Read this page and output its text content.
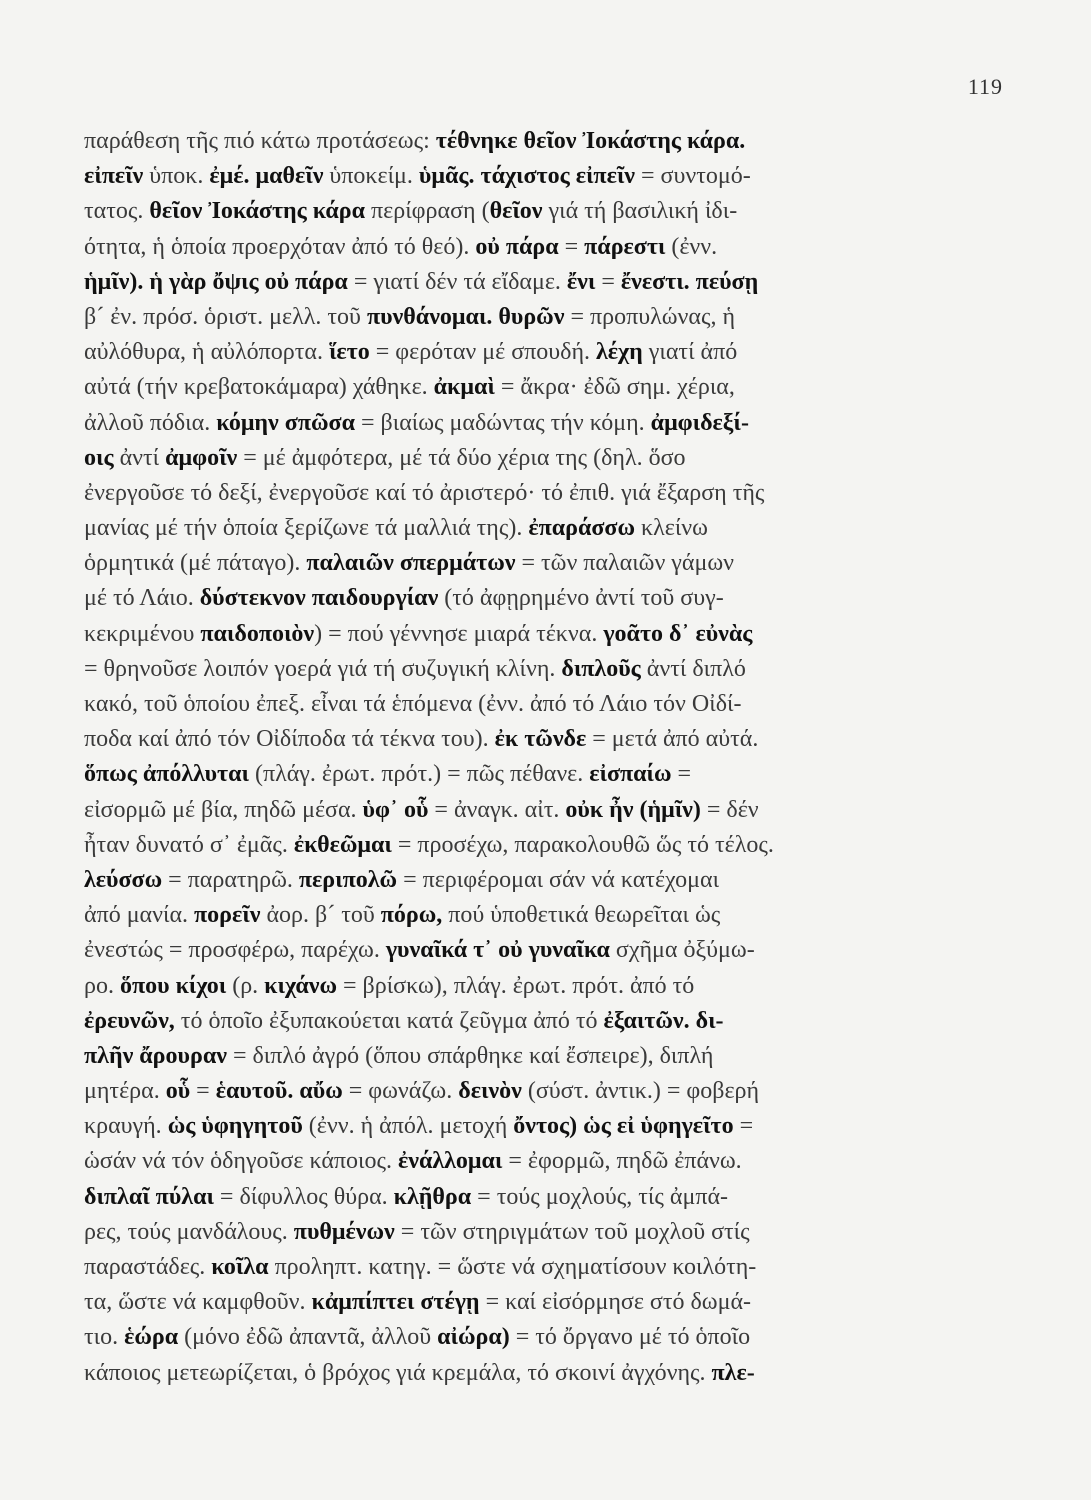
119
παράθεση τῆς πιό κάτω προτάσεως: τέθνηκε θεῖον Ἰοκάστης κάρα.
εἰπεῖν ὑποκ. ἐμέ. μαθεῖν ὑποκείμ. ὑμᾶς. τάχιστος εἰπεῖν = συντομό-
τατος. θεῖον Ἰοκάστης κάρα περίφραση (θεῖον γιά τή βασιλική ἰδι-
ότητα, ἡ ὁποία προερχόταν ἀπό τό θεό). οὐ πάρα = πάρεστι (ἐνν.
ἡμῖν). ἡ γὰρ ὄψις οὐ πάρα = γιατί δέν τά εἴδαμε. ἔνι = ἔνεστι. πεύσῃ
β´ ἐν. πρόσ. ὁριστ. μελλ. τοῦ πυνθάνομαι. θυρῶν = προπυλώνας, ἡ
αὐλόθυρα, ἡ αὐλόπορτα. ἵετο = φερόταν μέ σπουδή. λέχη γιατί ἀπό
αὐτά (τήν κρεβατοκάμαρα) χάθηκε. ἀκμαὶ = ἄκρα· ἐδῶ σημ. χέρια,
ἀλλοῦ πόδια. κόμην σπῶσα = βιαίως μαδώντας τήν κόμη. ἀμφιδεξί-
οις ἀντί ἀμφοῖν = μέ ἀμφότερα, μέ τά δύο χέρια της (δηλ. ὅσο
ἐνεργοῦσε τό δεξί, ἐνεργοῦσε καί τό ἀριστερό· τό ἐπιθ. γιά ἔξαρση τῆς
μανίας μέ τήν ὁποία ξερίζωνε τά μαλλιά της). ἐπαράσσω κλείνω
ὁρμητικά (μέ πάταγο). παλαιῶν σπερμάτων = τῶν παλαιῶν γάμων
μέ τό Λάιο. δύστεκνον παιδουργίαν (τό ἀφῃρημένο ἀντί τοῦ συγ-
κεκριμένου παιδοποιὸν) = πού γέννησε μιαρά τέκνα. γοᾶτο δ᾽ εὐνὰς
= θρηνοῦσε λοιπόν γοερά γιά τή συζυγική κλίνη. διπλοῦς ἀντί διπλό
κακό, τοῦ ὁποίου ἐπεξ. εἶναι τά ἑπόμενα (ἐνν. ἀπό τό Λάιο τόν Οἰδί-
ποδα καί ἀπό τόν Οἰδίποδα τά τέκνα του). ἐκ τῶνδε = μετά ἀπό αὐτά.
ὅπως ἀπόλλυται (πλάγ. ἐρωτ. πρότ.) = πῶς πέθανε. εἰσπαίω =
εἰσορμῶ μέ βία, πηδῶ μέσα. ὑφ᾽ οὗ = ἀναγκ. αἰτ. οὐκ ἦν (ἡμῖν) = δέν
ἦταν δυνατό σ᾽ ἐμᾶς. ἐκθεῶμαι = προσέχω, παρακολουθῶ ὥς τό τέλος.
λεύσσω = παρατηρῶ. περιπολῶ = περιφέρομαι σάν νά κατέχομαι
ἀπό μανία. πορεῖν ἀορ. β´ τοῦ πόρω, πού ὑποθετικά θεωρεῖται ὡς
ἐνεστώς = προσφέρω, παρέχω. γυναῖκά τ᾽ οὐ γυναῖκα σχῆμα ὀξύμω-
ρο. ὅπου κίχοι (ρ. κιχάνω = βρίσκω), πλάγ. ἐρωτ. πρότ. ἀπό τό
ἐρευνῶν, τό ὁποῖο ἐξυπακούεται κατά ζεῦγμα ἀπό τό ἐξαιτῶν. δι-
πλῆν ἄρουραν = διπλό ἀγρό (ὅπου σπάρθηκε καί ἔσπειρε), διπλή
μητέρα. οὗ = ἑαυτοῦ. αὔω = φωνάζω. δεινὸν (σύστ. ἀντικ.) = φοβερή
κραυγή. ὡς ὑφηγητοῦ (ἐνν. ἡ ἀπόλ. μετοχή ὄντος) ὡς εἰ ὑφηγεῖτο =
ὡσάν νά τόν ὁδηγοῦσε κάποιος. ἐνάλλομαι = ἐφορμῶ, πηδῶ ἐπάνω.
διπλαῖ πύλαι = δίφυλλος θύρα. κλῇθρα = τούς μοχλούς, τίς ἀμπά-
ρες, τούς μανδάλους. πυθμένων = τῶν στηριγμάτων τοῦ μοχλοῦ στίς
παραστάδες. κοῖλα προληπτ. κατηγ. = ὥστε νά σχηματίσουν κοιλότη-
τα, ὥστε νά καμφθοῦν. κἀμπίπτει στέγῃ = καί εἰσόρμησε στό δωμά-
τιο. ἑώρα (μόνο ἐδῶ ἀπαντᾶ, ἀλλοῦ αἰώρα) = τό ὄργανο μέ τό ὁποῖο
κάποιος μετεωρίζεται, ὁ βρόχος γιά κρεμάλα, τό σκοινί ἀγχόνης. πλε-
